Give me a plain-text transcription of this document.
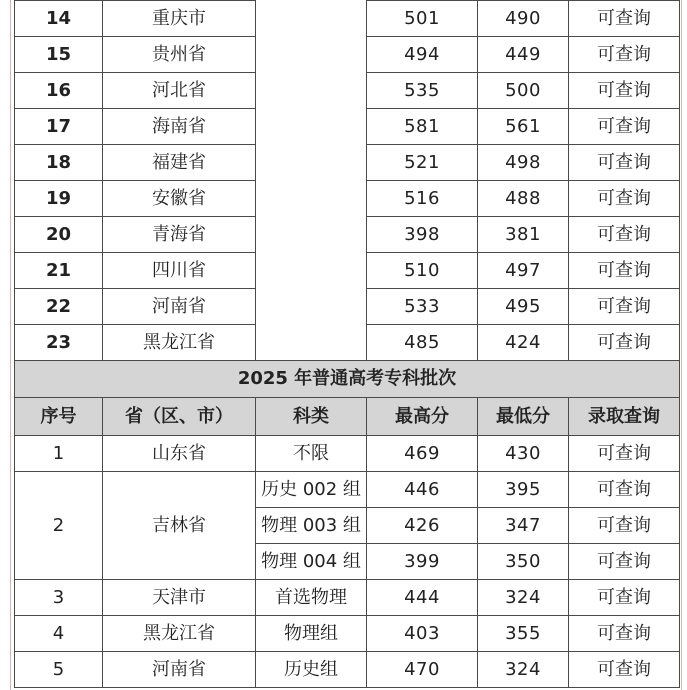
14	重庆市		501	490	可查询
15	贵州省		494	449	可查询
16	河北省		535	500	可查询
17	海南省		581	561	可查询
18	福建省		521	498	可查询
19	安徽省		516	488	可查询
20	青海省		398	381	可查询
21	四川省		510	497	可查询
22	河南省		533	495	可查询
23	黑龙江省		485	424	可查询
2025 年普通高考专科批次					
序号	省（区、市）	科类	最高分	最低分	录取查询
1	山东省	不限	469	430	可查询
2	吉林省	历史 002 组	446	395	可查询
		物理 003 组	426	347	可查询
		物理 004 组	399	350	可查询
3	天津市	首选物理	444	324	可查询
4	黑龙江省	物理组	403	355	可查询
5	河南省	历史组	470	324	可查询
